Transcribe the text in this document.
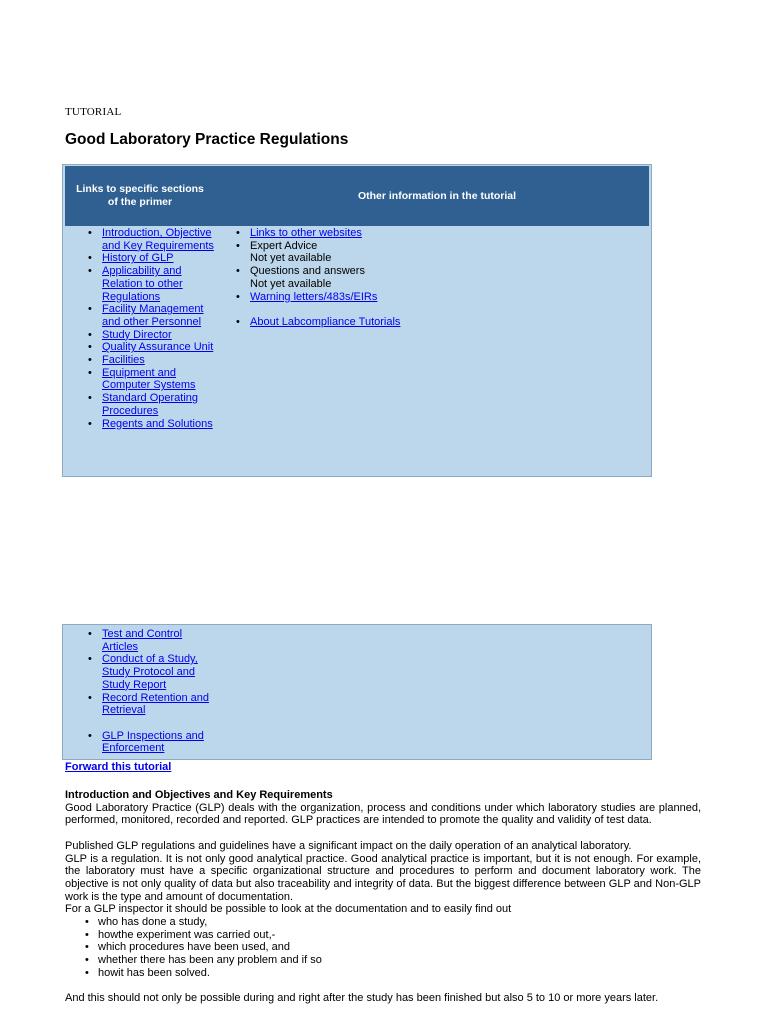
TUTORIAL
Good Laboratory Practice Regulations
Links to specific sections of the primer	Other information in the tutorial
• Introduction, Objective and Key Requirements
• History of GLP
• Applicability and Relation to other Regulations
• Facility Management and other Personnel
• Study Director
• Quality Assurance Unit
• Facilities
• Equipment and Computer Systems
• Standard Operating Procedures
• Regents and Solutions
• Links to other websites
• Expert Advice
Not yet available
• Questions and answers
Not yet available
• Warning letters/483s/EIRs
• About Labcompliance Tutorials
• Test and Control Articles
• Conduct of a Study, Study Protocol and Study Report
• Record Retention and Retrieval
• GLP Inspections and Enforcement
Forward this tutorial
Introduction and Objectives and Key Requirements

Good Laboratory Practice (GLP) deals with the organization, process and conditions under which laboratory studies are planned, performed, monitored, recorded and reported. GLP practices are intended to promote the quality and validity of test data.

Published GLP regulations and guidelines have a significant impact on the daily operation of an analytical laboratory.

GLP is a regulation. It is not only good analytical practice. Good analytical practice is important, but it is not enough. For example, the laboratory must have a specific organizational structure and procedures to perform and document laboratory work. The objective is not only quality of data but also traceability and integrity of data. But the biggest difference between GLP and Non-GLP work is the type and amount of documentation.

For a GLP inspector it should be possible to look at the documentation and to easily find out

• who has done a study,
• howthe experiment was carried out,-
• which procedures have been used, and
• whether there has been any problem and if so
• howit has been solved.

And this should not only be possible during and right after the study has been finished but also 5 to 10 or more years later.
